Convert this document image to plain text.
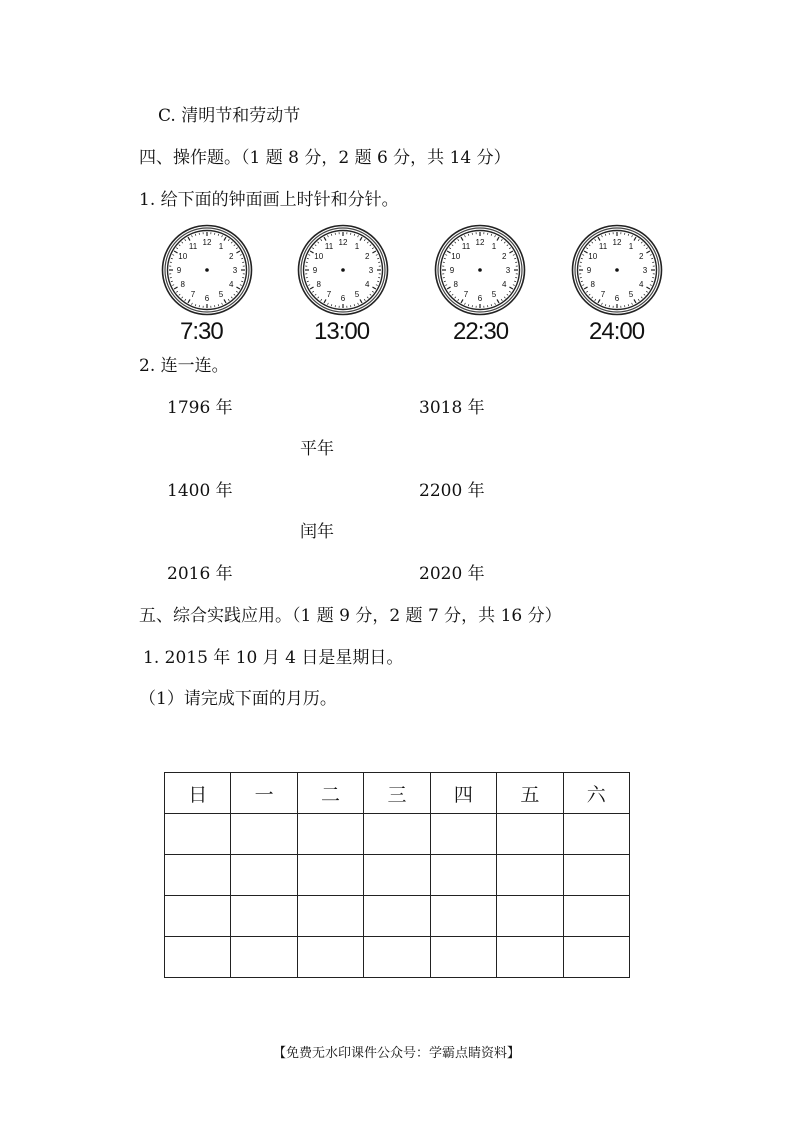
C. 清明节和劳动节
四、操作题。（1 题 8 分，2 题 6 分，共 14 分）
1. 给下面的钟面画上时针和分针。
12 1
2
3
4
5
6
7
8
9
10
11	12 1
2
3
4
5
6
7
8
9
10
11	12 1
2
3
4
5
6
7
8
9
10
11	12 1
2
3
4
5
6
7
8
9
10
11
7:30	13:00	22:30	24:00
2. 连一连。
1796 年	3018 年
平年
1400 年	2200 年
闰年
2016 年	2020 年
五、综合实践应用。（1 题 9 分，2 题 7 分，共 16 分）
1. 2015 年 10 月 4 日是星期日。
（1）请完成下面的月历。
日	一	二	三	四	五	六

【免费无水印课件公众号：学霸点睛资料】
